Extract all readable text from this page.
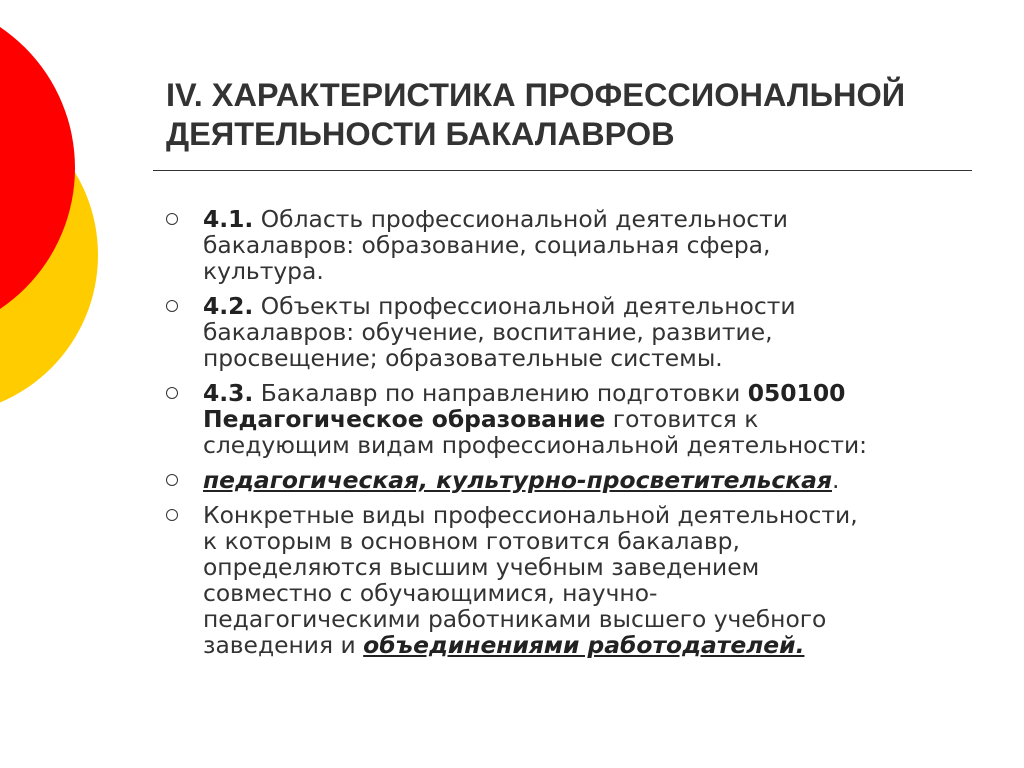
IV. ХАРАКТЕРИСТИКА ПРОФЕССИОНАЛЬНОЙ
ДЕЯТЕЛЬНОСТИ БАКАЛАВРОВ
4.1. Область профессиональной деятельности
бакалавров: образование, социальная сфера,
культура.
4.2. Объекты профессиональной деятельности
бакалавров: обучение, воспитание, развитие,
просвещение; образовательные системы.
4.3. Бакалавр по направлению подготовки 050100
Педагогическое образование готовится к
следующим видам профессиональной деятельности:
педагогическая, культурно-просветительская.
Конкретные виды профессиональной деятельности,
к которым в основном готовится бакалавр,
определяются высшим учебным заведением
совместно с обучающимися, научно-
педагогическими работниками высшего учебного
заведения и объединениями работодателей.
